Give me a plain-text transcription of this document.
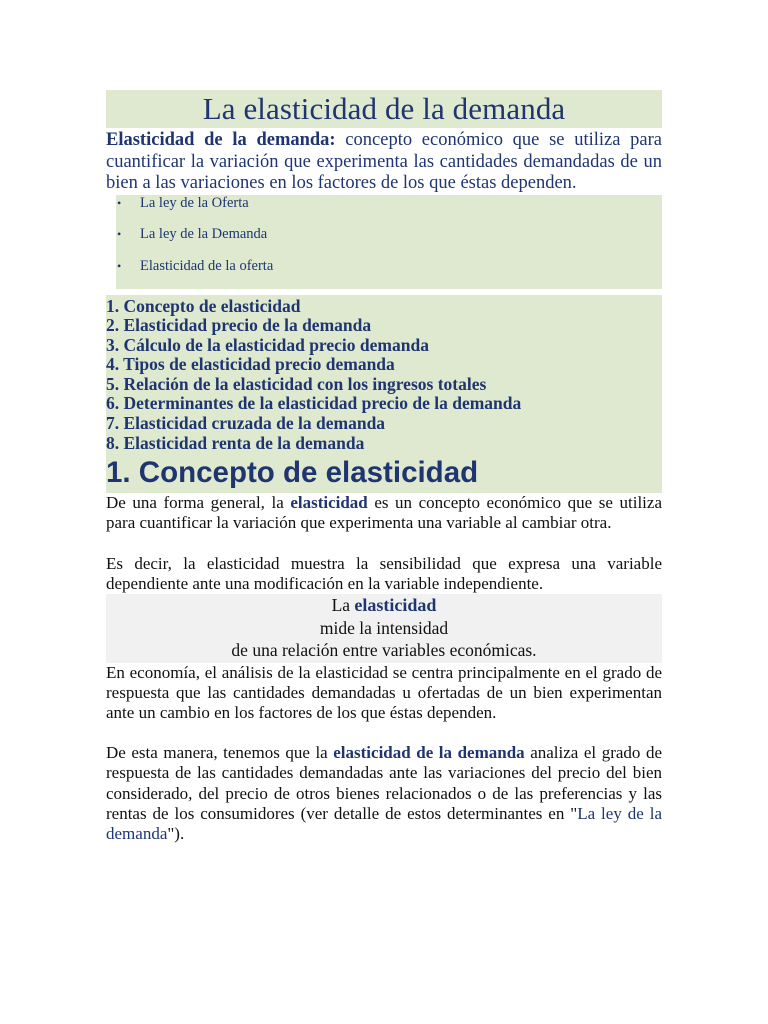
La elasticidad de la demanda

Elasticidad de la demanda: concepto económico que se utiliza para cuantificar la variación que experimenta las cantidades demandadas de un bien a las variaciones en los factores de los que éstas dependen.

• La ley de la Oferta
• La ley de la Demanda
• Elasticidad de la oferta
1. Concepto de elasticidad
2. Elasticidad precio de la demanda
3. Cálculo de la elasticidad precio demanda
4. Tipos de elasticidad precio demanda
5. Relación de la elasticidad con los ingresos totales
6. Determinantes de la elasticidad precio de la demanda
7. Elasticidad cruzada de la demanda
8. Elasticidad renta de la demanda
1. Concepto de elasticidad

De una forma general, la elasticidad es un concepto económico que se utiliza para cuantificar la variación que experimenta una variable al cambiar otra.

Es decir, la elasticidad muestra la sensibilidad que expresa una variable dependiente ante una modificación en la variable independiente.

La elasticidad
mide la intensidad
de una relación entre variables económicas.

En economía, el análisis de la elasticidad se centra principalmente en el grado de respuesta que las cantidades demandadas u ofertadas de un bien experimentan ante un cambio en los factores de los que éstas dependen.

De esta manera, tenemos que la elasticidad de la demanda analiza el grado de respuesta de las cantidades demandadas ante las variaciones del precio del bien considerado, del precio de otros bienes relacionados o de las preferencias y las rentas de los consumidores (ver detalle de estos determinantes en "La ley de la demanda").
